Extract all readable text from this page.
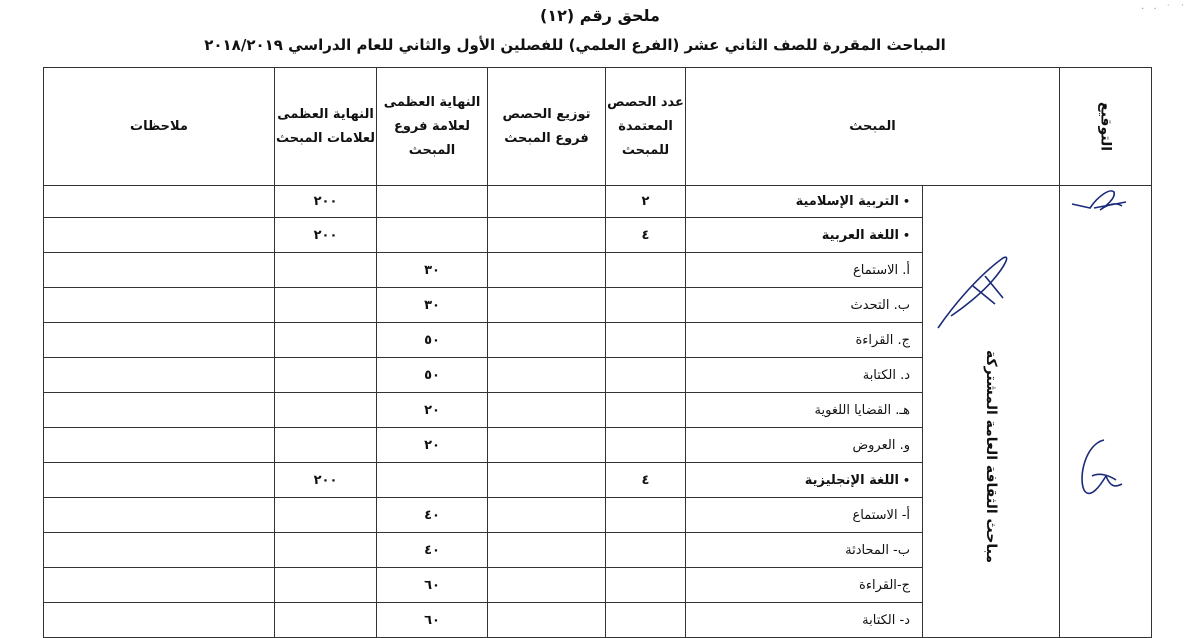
ملحق رقم (١٢)
المباحث المقررة للصف الثاني عشر (الفرع العلمي) للفصلين الأول والثاني للعام الدراسي ٢٠١٨/٢٠١٩
· · ˙ ˙
ملاحظات	النهاية العظمى لعلامات المبحث	النهاية العظمى لعلامة فروع المبحث	توزيع الحصص فروع المبحث	عدد الحصص المعتمدة للمبحث	المبحث		التوقيع

	٢٠٠			٢	•التربية الإسلامية	مباحث الثقافة العامة المشتركة

	٢٠٠			٤	•اللغة العربية		
		٣٠			أ. الاستماع		
		٣٠			ب. التحدث		
		٥٠			ج. القراءة		
		٥٠			د. الكتابة		
		٢٠			هـ. القضايا اللغوية		
		٢٠			و. العروض		
	٢٠٠			٤	•اللغة الإنجليزية		
		٤٠			أ- الاستماع		
		٤٠			ب- المحادثة		
		٦٠			ج-القراءة		
		٦٠			د- الكتابة		
